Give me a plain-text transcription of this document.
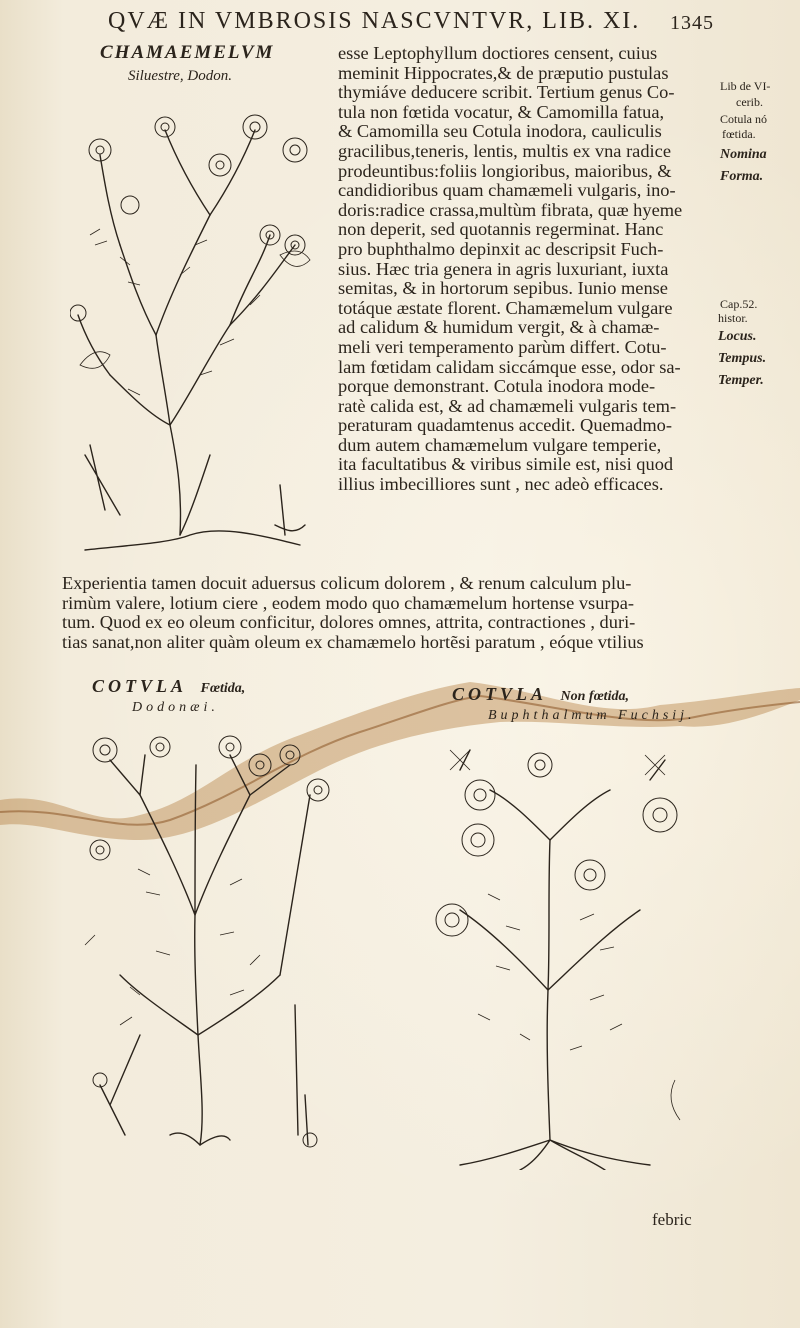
QVÆ IN VMBROSIS NASCVNTVR, LIB. XI. 1345
CHAMAEMELVM
Siluestre, Dodon.
esse Leptophyllum doctiores censent, cuius
meminit Hippocrates,& de præputio pustulas
thymiáve deducere scribit. Tertium genus Co-
tula non fœtida vocatur, & Camomilla fatua,
& Camomilla seu Cotula inodora, cauliculis
gracilibus,teneris, lentis, multis ex vna radice
prodeuntibus:foliis longioribus, maioribus, &
candidioribus quam chamæmeli vulgaris, ino-
doris:radice crassa,multùm fibrata, quæ hyeme
non deperit, sed quotannis regerminat. Hanc
pro buphthalmo depinxit ac descripsit Fuch-
sius. Hæc tria genera in agris luxuriant, iuxta
semitas, & in hortorum sepibus. Iunio mense
totáque æstate florent. Chamæmelum vulgare
ad calidum & humidum vergit, & à chamæ-
meli veri temperamento parùm differt. Cotu-
lam fœtidam calidam siccámque esse, odor sa-
porque demonstrant. Cotula inodora mode-
ratè calida est, & ad chamæmeli vulgaris tem-
peraturam quadamtenus accedit. Quemadmo-
dum autem chamæmelum vulgare temperie,
ita facultatibus & viribus simile est, nisi quod
illius imbecilliores sunt , nec adeò efficaces.
Experientia tamen docuit aduersus colicum dolorem , & renum calculum plu-
rimùm valere, lotium ciere , eodem modo quo chamæmelum hortense vsurpa-
tum. Quod ex eo oleum conficitur, dolores omnes, attrita, contractiones , duri-
tias sanat,non aliter quàm oleum ex chamæmelo hortẽsi paratum , eóque vtilius
Lib de VI-
cerib.
Cotula nó
fœtida.
Nomina
Forma.
Cap.52.
histor.
Locus.
Tempus.
Temper.
COTVLA Fœtida,
Dodonæi.
COTVLA Non fœtida,
Buphthalmum Fuchsij.
febric
